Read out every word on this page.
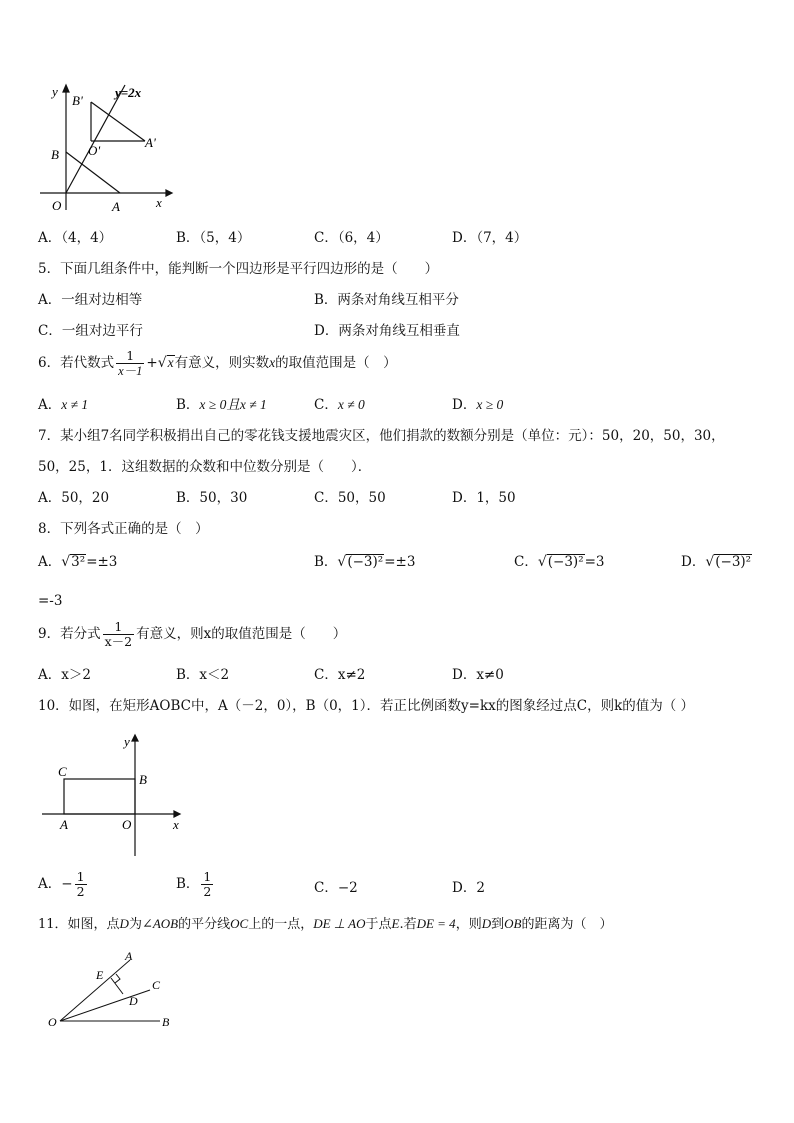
y
x
B'
y=2x
O'
A'
B
O	A
A．（4，4）	B．（5，4）	C．（6，4）	D．（7，4）
5．下面几组条件中，能判断一个四边形是平行四边形的是（　　）
A．一组对边相等	B．两条对角线互相平分
C．一组对边平行	D．两条对角线互相垂直
6．若代数式 $\frac{1}{x-1} +√x$有意义，则实数x的取值范围是（　）
A．x ≠ 1	B．x ≥ 0且x ≠ 1	C．x ≠ 0	D．x ≥ 0
7．某小组7名同学积极捐出自己的零花钱支援地震灾区，他们捐款的数额分别是（单位：元）：50，20，50，30，
50，25，1．这组数据的众数和中位数分别是（　　）．
A．50，20	B．50，30	C．50，50	D．1，50
8．下列各式正确的是（　）
A．√3²=±3	B．√(−3)²=±3	C．√(−3)²=3	D．√(−3)²
=-3
9．若分式 $\frac{1}{x-2}$ 有意义，则x的取值范围是（　　）
A．x＞2	B．x＜2	C．x≠2	D．x≠0
10．如图，在矩形AOBC中，A（－2，0），B（0，1）．若正比例函数y=kx的图象经过点C，则k的值为（ ）
y
x
C
B
A	O
A．− $\frac{1}{2}$	B． $\frac{1}{2}$	C．−2	D．2
11．如图，点D为∠AOB的平分线OC上的一点，DE ⊥ AO于点E.若DE = 4，则D到OB的距离为（　）
A
E
C
D
O	B
